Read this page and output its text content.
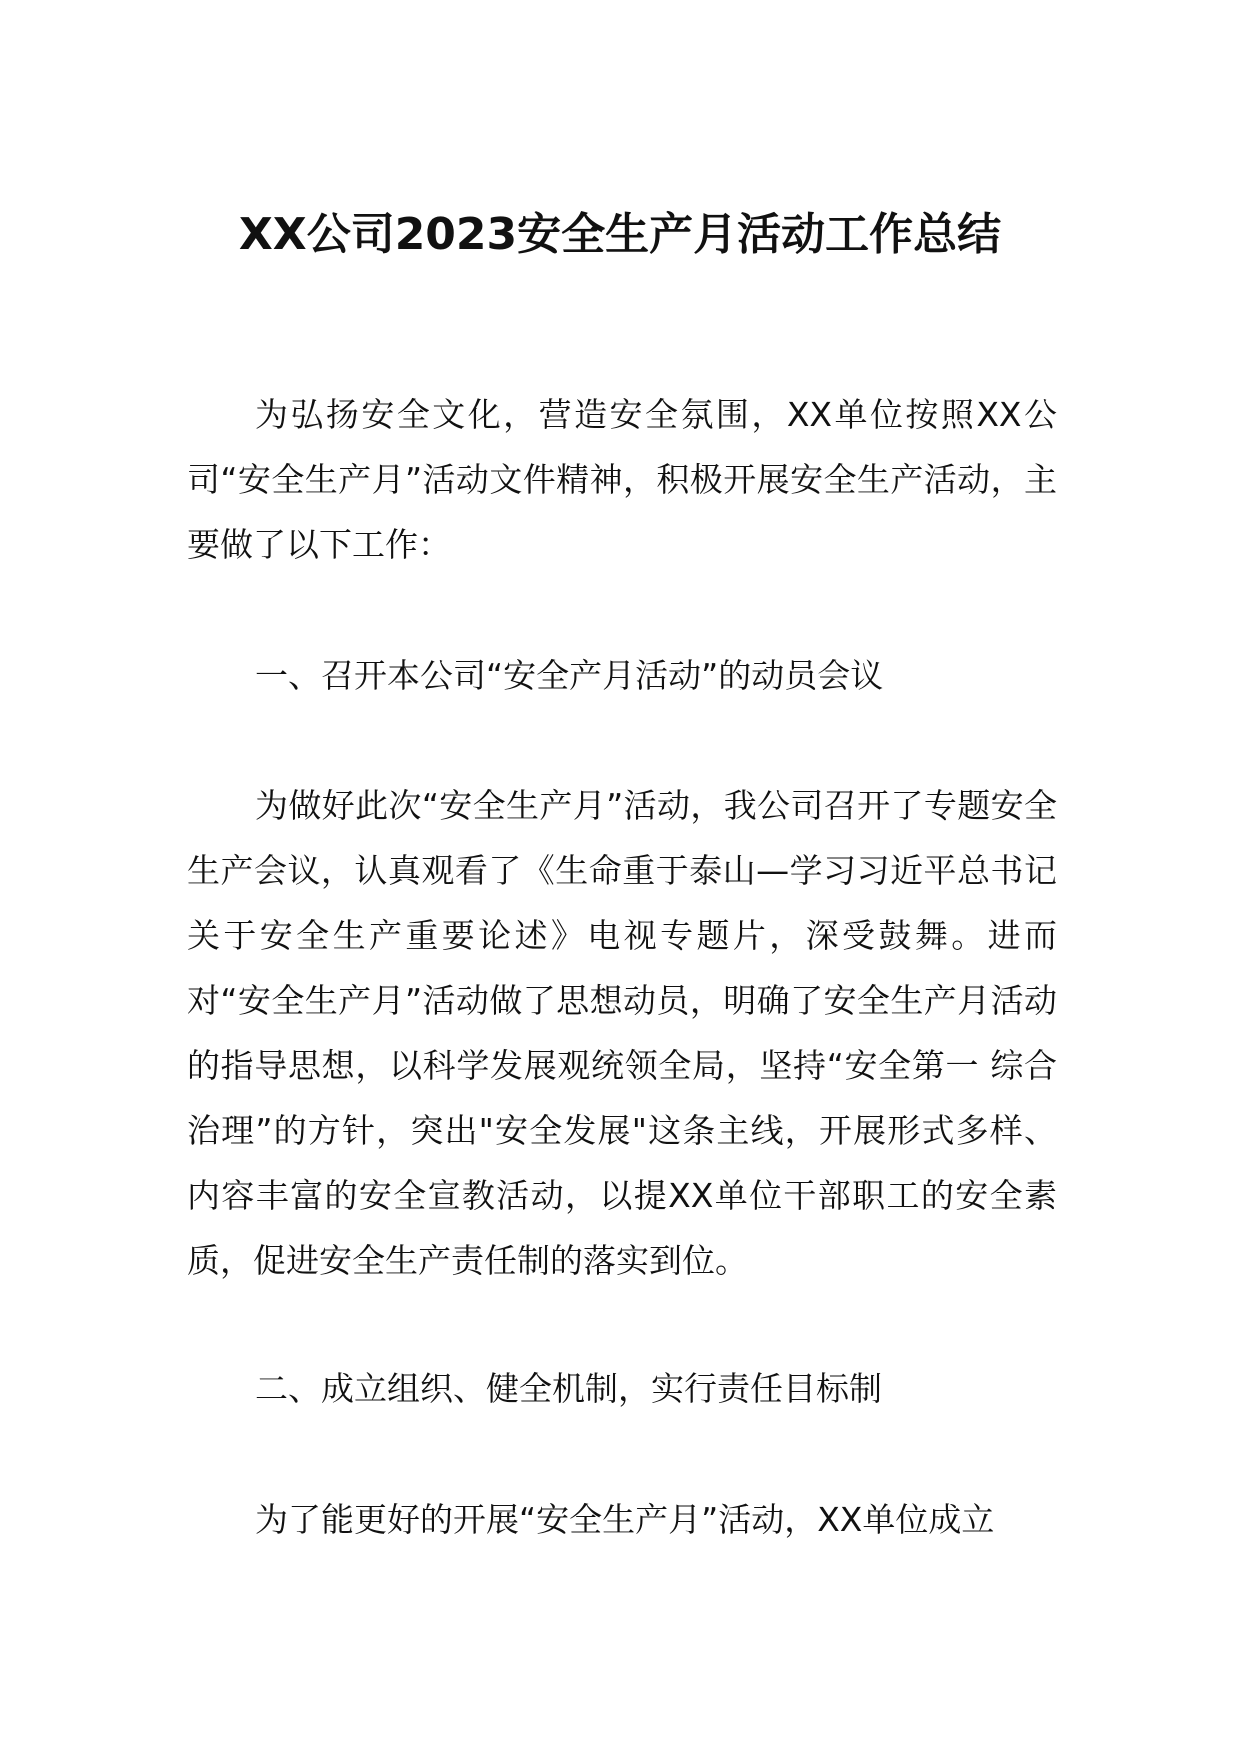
XX公司2023安全生产月活动工作总结

为弘扬安全文化，营造安全氛围，XX单位按照XX公司“安全生产月”活动文件精神，积极开展安全生产活动，主要做了以下工作：

一、召开本公司“安全产月活动”的动员会议

为做好此次“安全生产月”活动，我公司召开了专题安全生产会议，认真观看了《生命重于泰山—学习习近平总书记关于安全生产重要论述》电视专题片，深受鼓舞。进而对“安全生产月”活动做了思想动员，明确了安全生产月活动的指导思想，以科学发展观统领全局，坚持“安全第一 综合治理”的方针，突出"安全发展"这条主线，开展形式多样、内容丰富的安全宣教活动，以提XX单位干部职工的安全素质，促进安全生产责任制的落实到位。

二、成立组织、健全机制，实行责任目标制

为了能更好的开展“安全生产月”活动，XX单位成立
